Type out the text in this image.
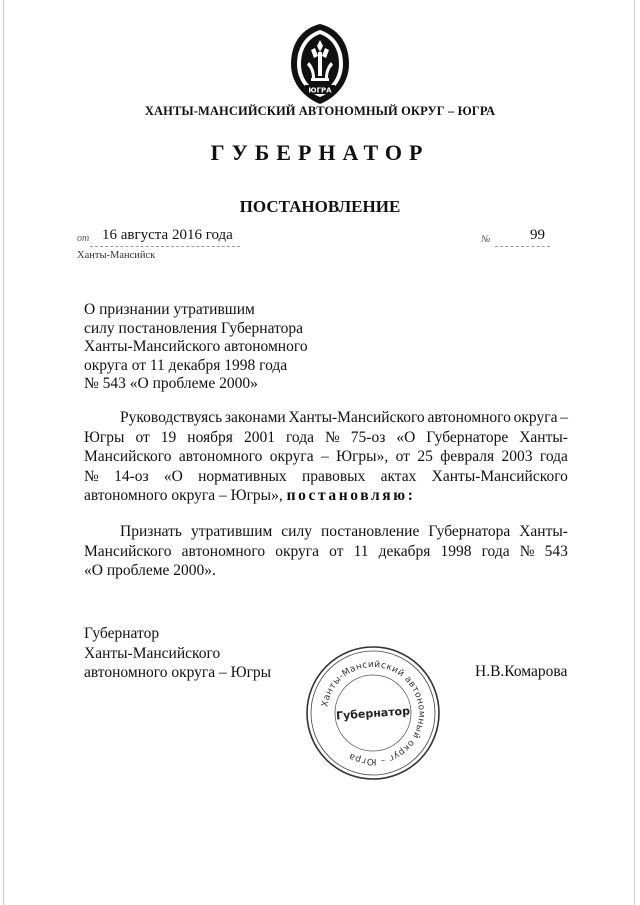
ЮГРА
ХАНТЫ-МАНСИЙСКИЙ АВТОНОМНЫЙ ОКРУГ – ЮГРА
ГУБЕРНАТОР
ПОСТАНОВЛЕНИЕ
от 16 августа 2016 года	№	99
Ханты-Мансийск
О признании утратившим
силу постановления Губернатора
Ханты-Мансийского автономного
округа от 11 декабря 1998 года
№ 543 «О проблеме 2000»
Руководствуясь законами Ханты-Мансийского автономного округа –
Югры от 19 ноября 2001 года № 75-оз «О Губернаторе Ханты-
Мансийского автономного округа – Югры», от 25 февраля 2003 года
№ 14-оз «О нормативных правовых актах Ханты-Мансийского
автономного округа – Югры»,
постановляю:
Признать утратившим силу постановление Губернатора Ханты-
Мансийского автономного округа от 11 декабря 1998 года № 543
«О проблеме 2000».
Губернатор
Ханты-Мансийского
автономного округа – Югры	Н.В.Комарова
Ханты-Мансийский автономный округ – Югра
Губернатор
